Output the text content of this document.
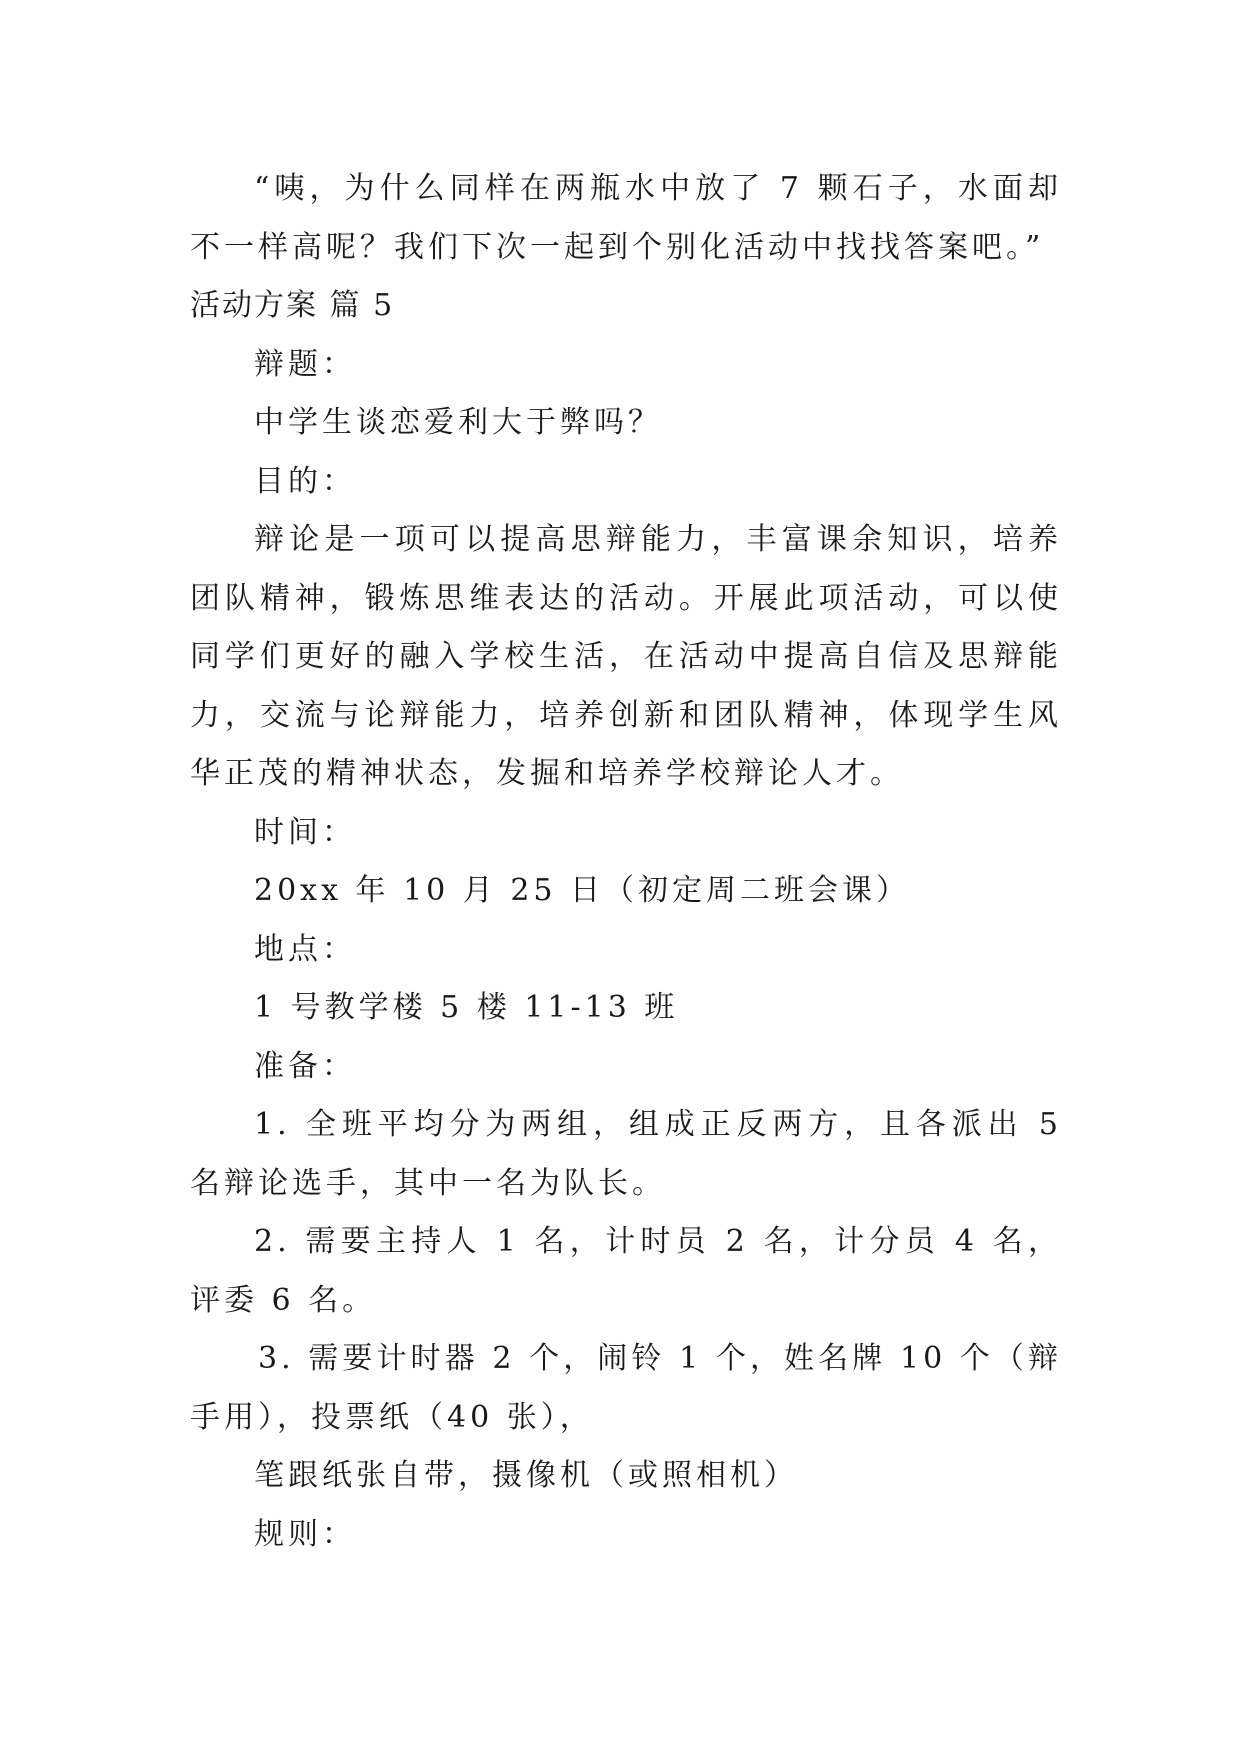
“咦，为什么同样在两瓶水中放了 7 颗石子，水面却不一样高呢？我们下次一起到个别化活动中找找答案吧。”

活动方案 篇 5
辩题：
中学生谈恋爱利大于弊吗？
目的：

辩论是一项可以提高思辩能力，丰富课余知识，培养团队精神，锻炼思维表达的活动。开展此项活动，可以使同学们更好的融入学校生活，在活动中提高自信及思辩能力，交流与论辩能力，培养创新和团队精神，体现学生风华正茂的精神状态，发掘和培养学校辩论人才。

时间：
20xx 年 10 月 25 日（初定周二班会课）
地点：
1 号教学楼 5 楼 11-13 班
准备：

1. 全班平均分为两组，组成正反两方，且各派出 5 名辩论选手，其中一名为队长。

2. 需要主持人 1 名，计时员 2 名，计分员 4 名，评委 6 名。

3. 需要计时器 2 个，闹铃 1 个，姓名牌 10 个（辩手用），投票纸（40 张），

笔跟纸张自带，摄像机（或照相机）
规则：
